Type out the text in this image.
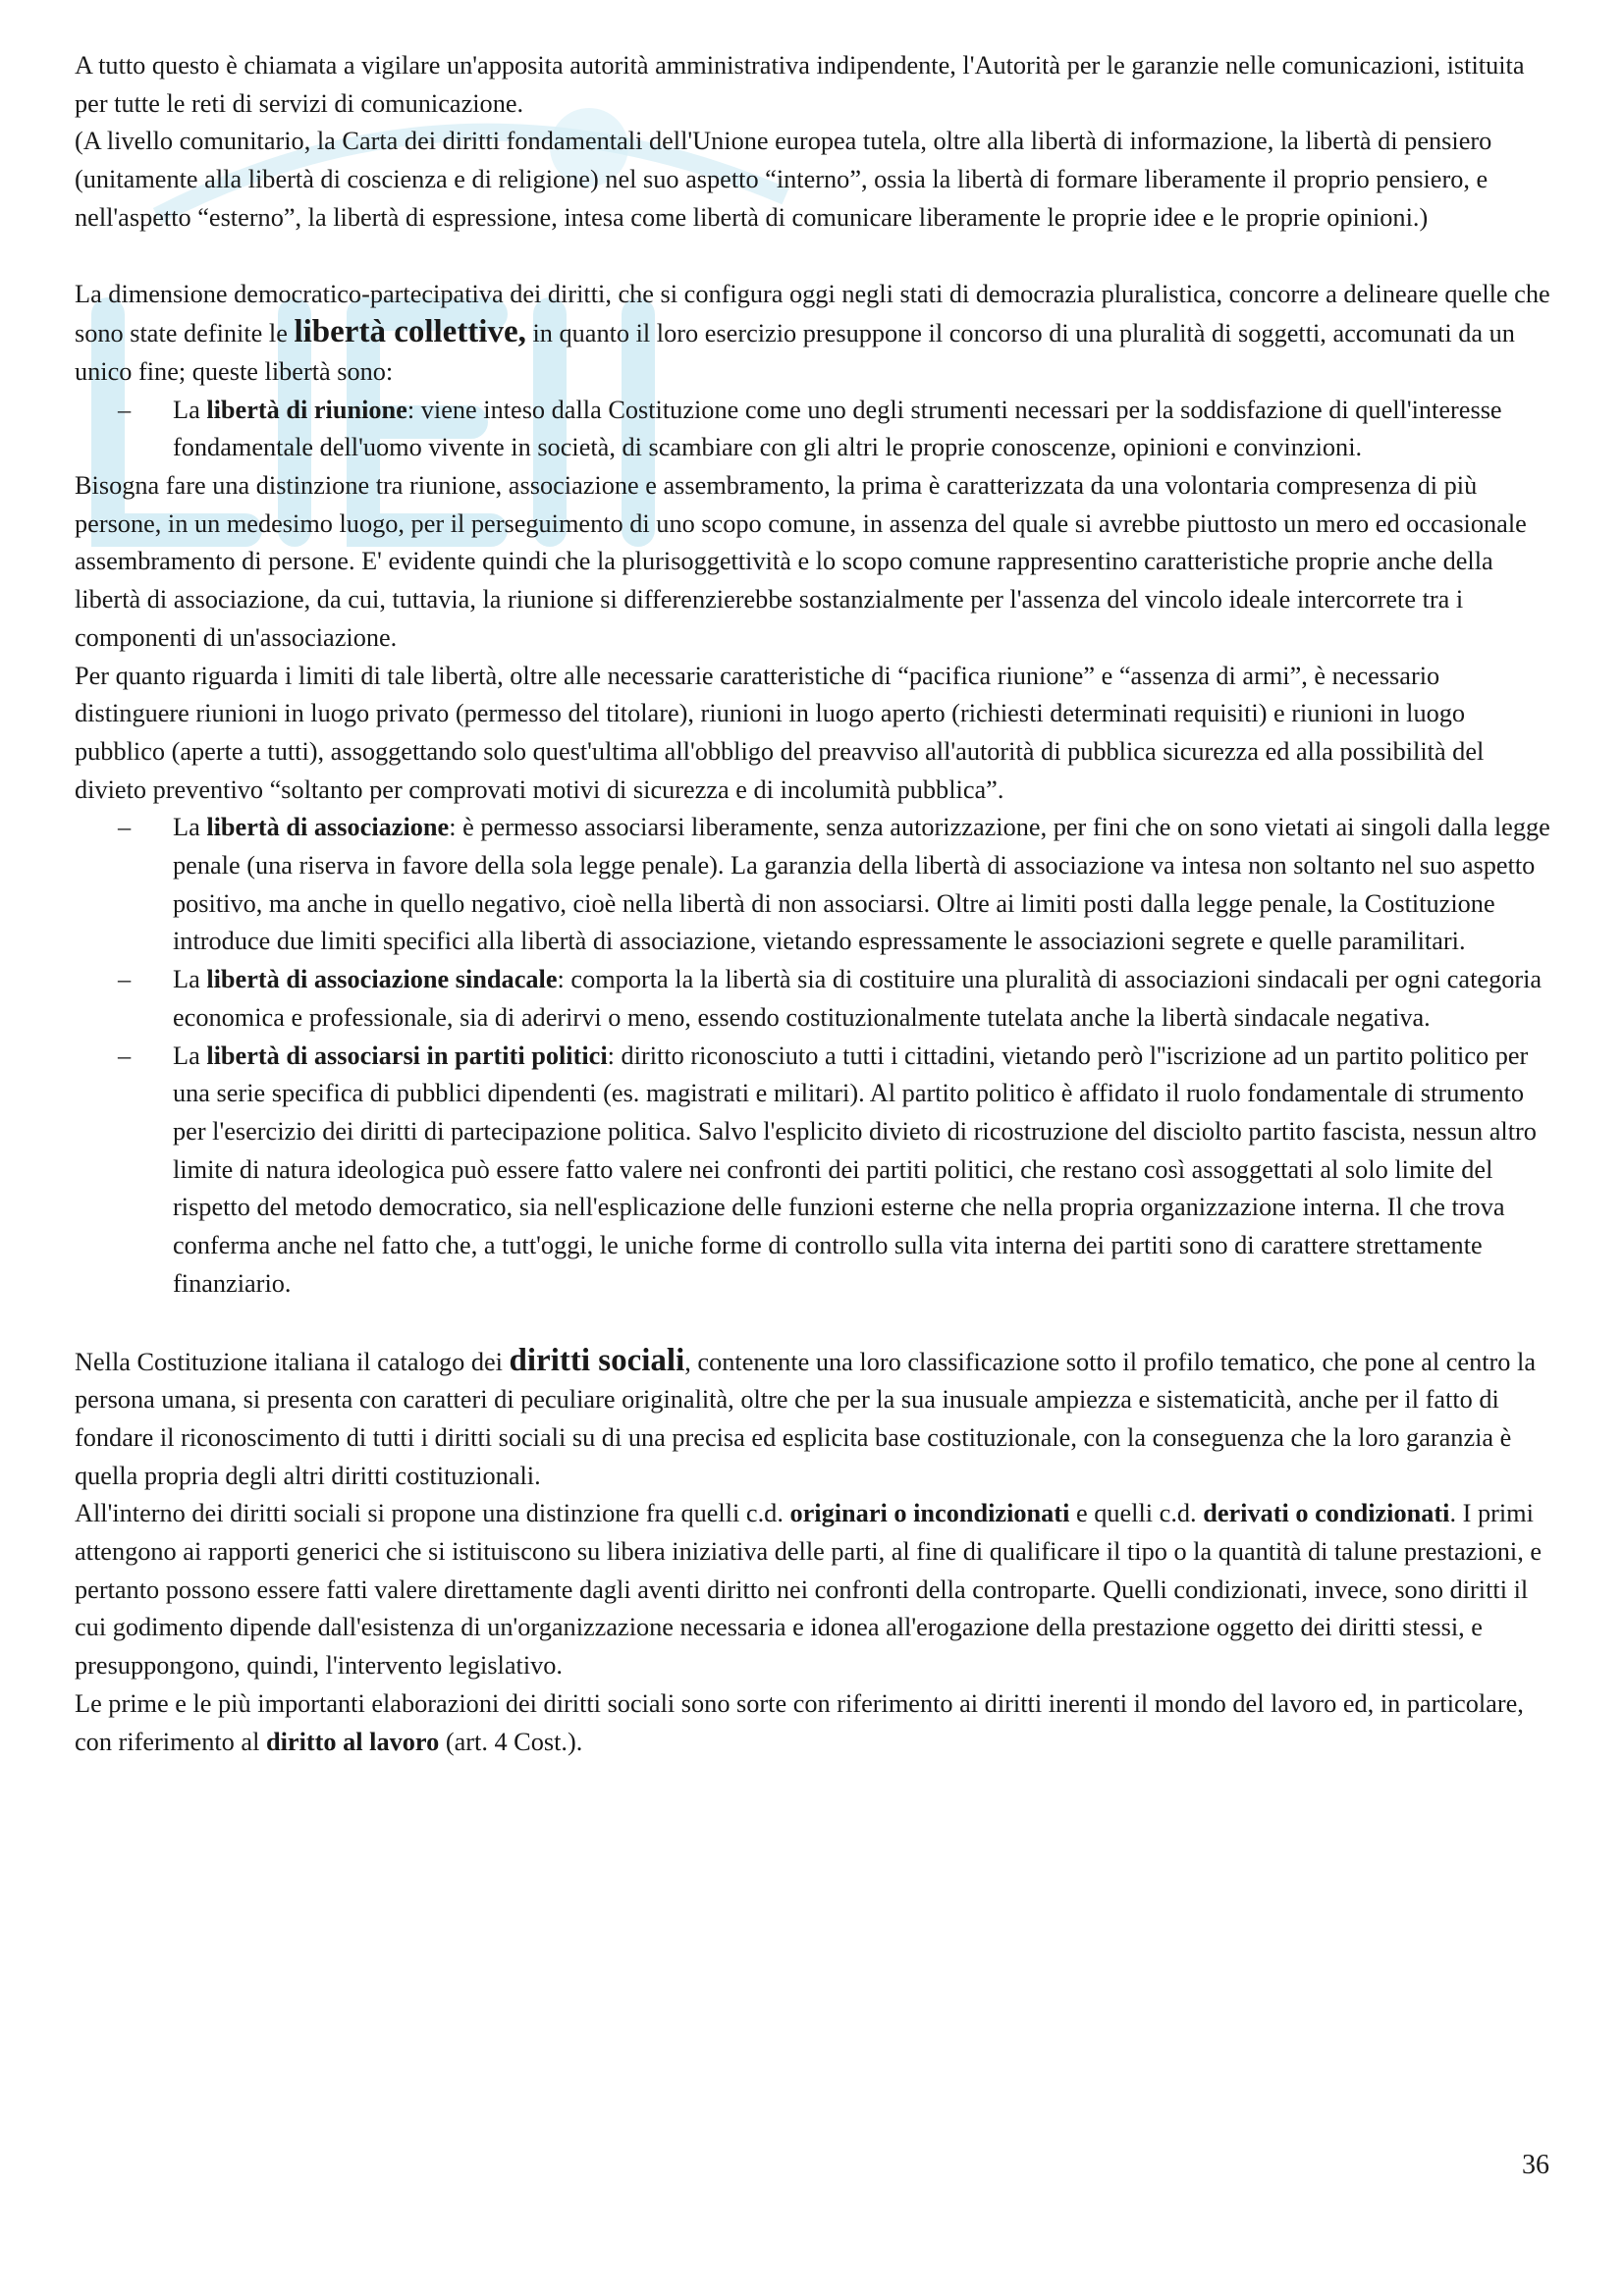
A tutto questo è chiamata a vigilare un'apposita autorità amministrativa indipendente, l'Autorità per le garanzie nelle comunicazioni, istituita per tutte le reti di servizi di comunicazione.

(A livello comunitario, la Carta dei diritti fondamentali dell'Unione europea tutela, oltre alla libertà di informazione, la libertà di pensiero (unitamente alla libertà di coscienza e di religione) nel suo aspetto “interno”, ossia la libertà di formare liberamente il proprio pensiero, e nell'aspetto “esterno”, la libertà di espressione, intesa come libertà di comunicare liberamente le proprie idee e le proprie opinioni.)

La dimensione democratico-partecipativa dei diritti, che si configura oggi negli stati di democrazia pluralistica, concorre a delineare quelle che sono state definite le libertà collettive, in quanto il loro esercizio presuppone il concorso di una pluralità di soggetti, accomunati da un unico fine; queste libertà sono:

– La libertà di riunione: viene inteso dalla Costituzione come uno degli strumenti necessari per la soddisfazione di quell'interesse fondamentale dell'uomo vivente in società, di scambiare con gli altri le proprie conoscenze, opinioni e convinzioni.

Bisogna fare una distinzione tra riunione, associazione e assembramento, la prima è caratterizzata da una volontaria compresenza di più persone, in un medesimo luogo, per il perseguimento di uno scopo comune, in assenza del quale si avrebbe piuttosto un mero ed occasionale assembramento di persone. E' evidente quindi che la plurisoggettività e lo scopo comune rappresentino caratteristiche proprie anche della libertà di associazione, da cui, tuttavia, la riunione si differenzierebbe sostanzialmente per l'assenza del vincolo ideale intercorrete tra i componenti di un'associazione.

Per quanto riguarda i limiti di tale libertà, oltre alle necessarie caratteristiche di “pacifica riunione” e “assenza di armi”, è necessario distinguere riunioni in luogo privato (permesso del titolare), riunioni in luogo aperto (richiesti determinati requisiti) e riunioni in luogo pubblico (aperte a tutti), assoggettando solo quest'ultima all'obbligo del preavviso all'autorità di pubblica sicurezza ed alla possibilità del divieto preventivo “soltanto per comprovati motivi di sicurezza e di incolumità pubblica”.

– La libertà di associazione: è permesso associarsi liberamente, senza autorizzazione, per fini che on sono vietati ai singoli dalla legge penale (una riserva in favore della sola legge penale). La garanzia della libertà di associazione va intesa non soltanto nel suo aspetto positivo, ma anche in quello negativo, cioè nella libertà di non associarsi. Oltre ai limiti posti dalla legge penale, la Costituzione introduce due limiti specifici alla libertà di associazione, vietando espressamente le associazioni segrete e quelle paramilitari.
– La libertà di associazione sindacale: comporta la la libertà sia di costituire una pluralità di associazioni sindacali per ogni categoria economica e professionale, sia di aderirvi o meno, essendo costituzionalmente tutelata anche la libertà sindacale negativa.
– La libertà di associarsi in partiti politici: diritto riconosciuto a tutti i cittadini, vietando però l''iscrizione ad un partito politico per una serie specifica di pubblici dipendenti (es. magistrati e militari). Al partito politico è affidato il ruolo fondamentale di strumento per l'esercizio dei diritti di partecipazione politica. Salvo l'esplicito divieto di ricostruzione del disciolto partito fascista, nessun altro limite di natura ideologica può essere fatto valere nei confronti dei partiti politici, che restano così assoggettati al solo limite del rispetto del metodo democratico, sia nell'esplicazione delle funzioni esterne che nella propria organizzazione interna. Il che trova conferma anche nel fatto che, a tutt'oggi, le uniche forme di controllo sulla vita interna dei partiti sono di carattere strettamente finanziario.

Nella Costituzione italiana il catalogo dei diritti sociali, contenente una loro classificazione sotto il profilo tematico, che pone al centro la persona umana, si presenta con caratteri di peculiare originalità, oltre che per la sua inusuale ampiezza e sistematicità, anche per il fatto di fondare il riconoscimento di tutti i diritti sociali su di una precisa ed esplicita base costituzionale, con la conseguenza che la loro garanzia è quella propria degli altri diritti costituzionali.

All'interno dei diritti sociali si propone una distinzione fra quelli c.d. originari o incondizionati e quelli c.d. derivati o condizionati. I primi attengono ai rapporti generici che si istituiscono su libera iniziativa delle parti, al fine di qualificare il tipo o la quantità di talune prestazioni, e pertanto possono essere fatti valere direttamente dagli aventi diritto nei confronti della controparte. Quelli condizionati, invece, sono diritti il cui godimento dipende dall'esistenza di un'organizzazione necessaria e idonea all'erogazione della prestazione oggetto dei diritti stessi, e presuppongono, quindi, l'intervento legislativo.

Le prime e le più importanti elaborazioni dei diritti sociali sono sorte con riferimento ai diritti inerenti il mondo del lavoro ed, in particolare, con riferimento al diritto al lavoro (art. 4 Cost.).

36
